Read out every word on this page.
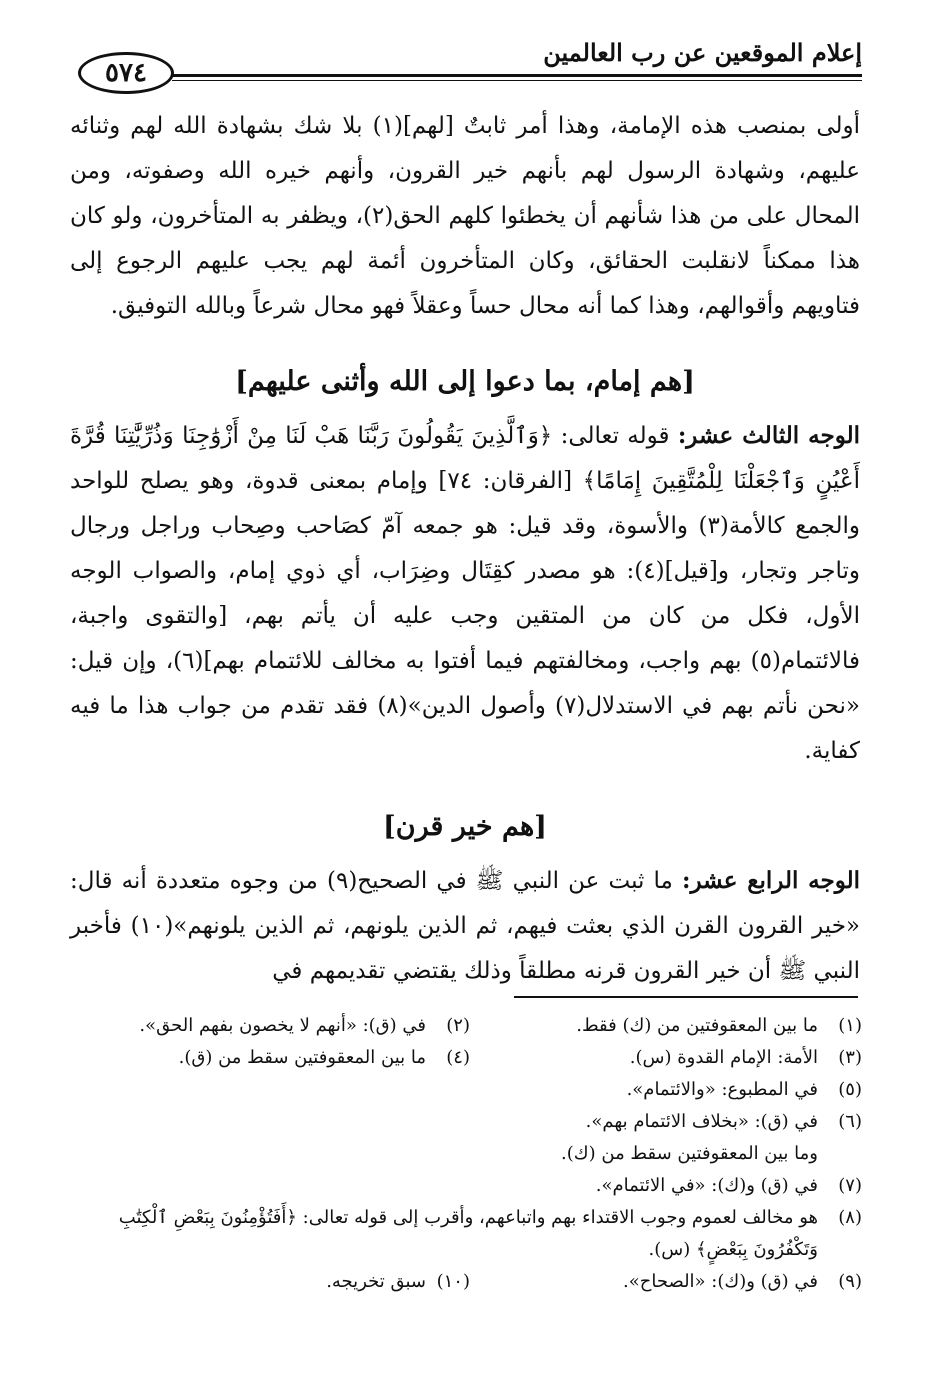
إعلام الموقعين عن رب العالمين
٥٧٤

أولى بمنصب هذه الإمامة، وهذا أمر ثابتٌ [لهم](١) بلا شك بشهادة الله لهم وثنائه عليهم، وشهادة الرسول لهم بأنهم خير القرون، وأنهم خيره الله وصفوته، ومن المحال على من هذا شأنهم أن يخطئوا كلهم الحق(٢)، ويظفر به المتأخرون، ولو كان هذا ممكناً لانقلبت الحقائق، وكان المتأخرون أئمة لهم يجب عليهم الرجوع إلى فتاويهم وأقوالهم، وهذا كما أنه محال حساً وعقلاً فهو محال شرعاً وبالله التوفيق.

[هم إمام، بما دعوا إلى الله وأثنى عليهم]

الوجه الثالث عشر: قوله تعالى: ﴿وَٱلَّذِينَ يَقُولُونَ رَبَّنَا هَبْ لَنَا مِنْ أَزْوَٰجِنَا وَذُرِّيَّٰتِنَا قُرَّةَ أَعْيُنٍ وَٱجْعَلْنَا لِلْمُتَّقِينَ إِمَامًا﴾ [الفرقان: ٧٤] وإمام بمعنى قدوة، وهو يصلح للواحد والجمع كالأمة(٣) والأسوة، وقد قيل: هو جمعه آمّ كصَاحب وصِحاب وراجل ورجال وتاجر وتجار، و[قيل](٤): هو مصدر كقِتَال وضِرَاب، أي ذوي إمام، والصواب الوجه الأول، فكل من كان من المتقين وجب عليه أن يأتم بهم، [والتقوى واجبة، فالائتمام(٥) بهم واجب، ومخالفتهم فيما أفتوا به مخالف للائتمام بهم](٦)، وإن قيل: «نحن نأتم بهم في الاستدلال(٧) وأصول الدين»(٨) فقد تقدم من جواب هذا ما فيه كفاية.

[هم خير قرن]

الوجه الرابع عشر: ما ثبت عن النبي ﷺ في الصحيح(٩) من وجوه متعددة أنه قال: «خير القرون القرن الذي بعثت فيهم، ثم الذين يلونهم، ثم الذين يلونهم»(١٠) فأخبر النبي ﷺ أن خير القرون قرنه مطلقاً وذلك يقتضي تقديمهم في

(١)
ما بين المعقوفتين من (ك) فقط.
(٢)
في (ق): «أنهم لا يخصون بفهم الحق».
(٣)
الأمة: الإمام القدوة (س).
(٤)
ما بين المعقوفتين سقط من (ق).
(٥)
في المطبوع: «والائتمام».
(٦)
في (ق): «بخلاف الائتمام بهم».
وما بين المعقوفتين سقط من (ك).
(٧)
في (ق) و(ك): «في الائتمام».
(٨)
هو مخالف لعموم وجوب الاقتداء بهم واتباعهم، وأقرب إلى قوله تعالى: ﴿أَفَتُؤْمِنُونَ بِبَعْضِ ٱلْكِتَٰبِ وَتَكْفُرُونَ بِبَعْضٍ﴾ (س).
(٩)
في (ق) و(ك): «الصحاح».
(١٠)
سبق تخريجه.
